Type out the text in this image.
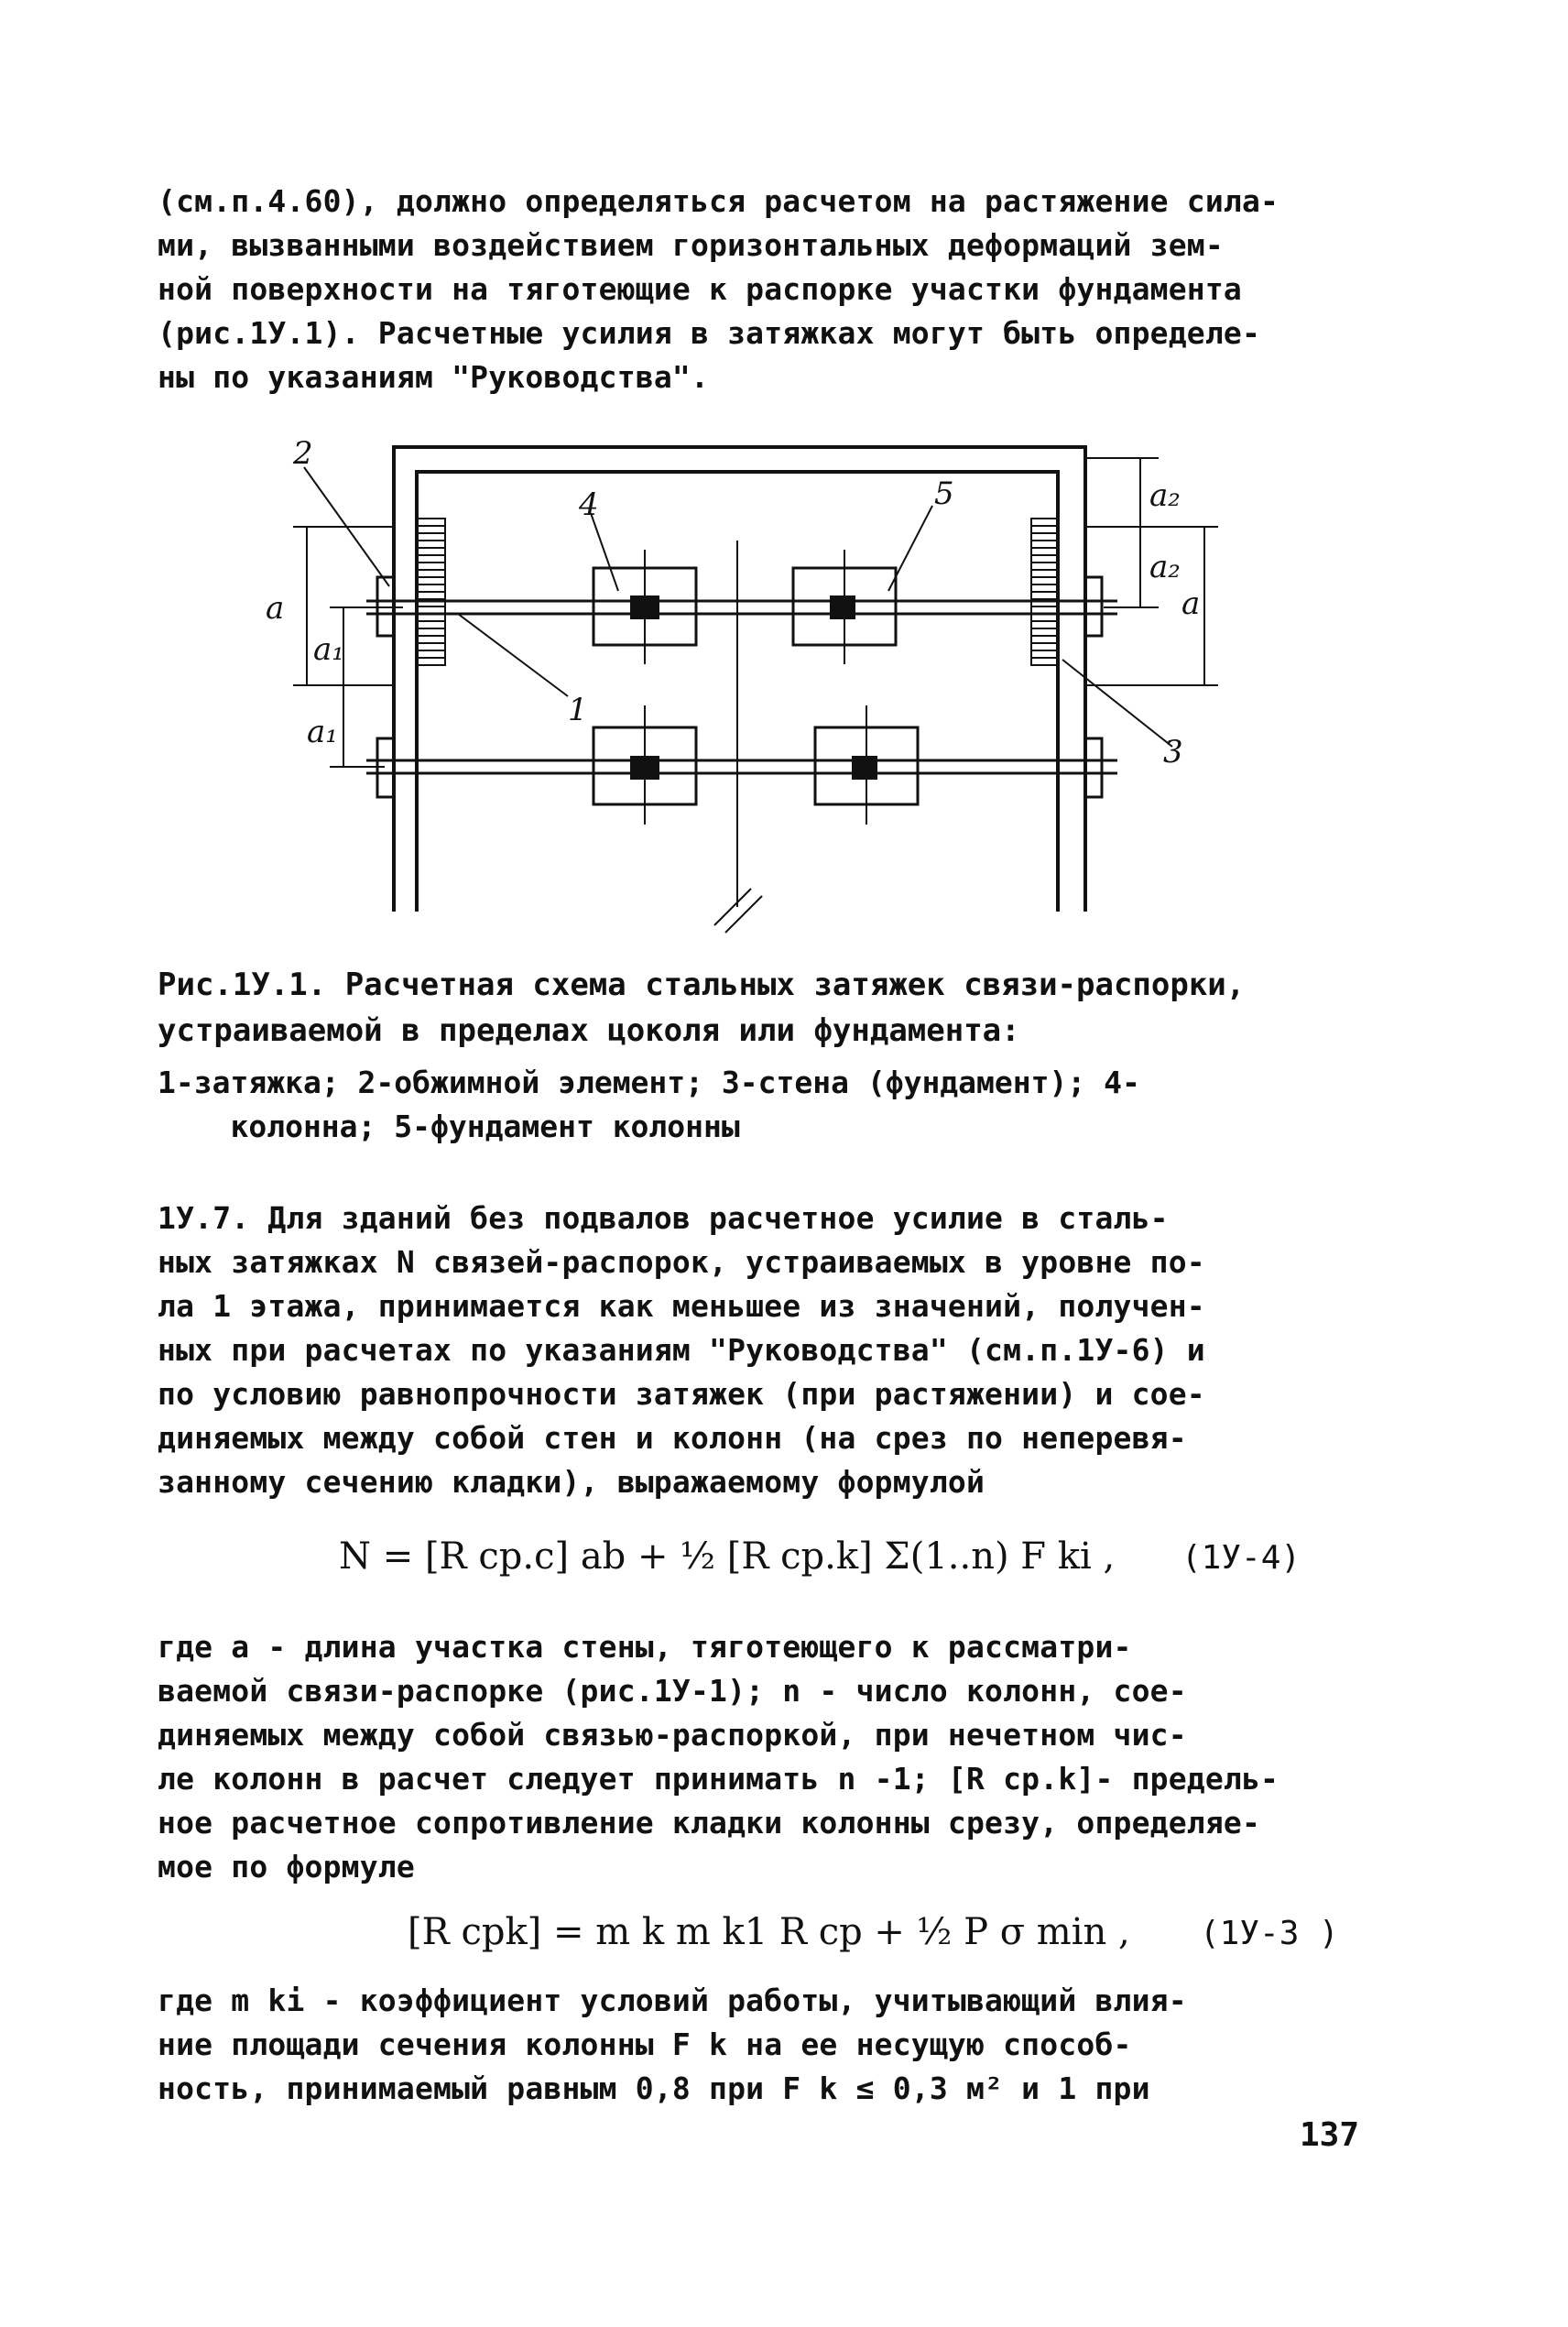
(см.п.4.60), должно определяться расчетом на растяжение сила-
ми, вызванными воздействием горизонтальных деформаций зем-
ной поверхности на тяготеющие к распорке участки фундамента
(рис.1У.1). Расчетные усилия в затяжках могут быть определе-
ны по указаниям "Руководства".
2
4	5
1
3
a
a₁
a₁
a₂
a₂
a
Рис.1У.1. Расчетная схема стальных затяжек связи-распорки,
устраиваемой в пределах цоколя или фундамента:
1-затяжка; 2-обжимной элемент; 3-стена (фундамент); 4-
колонна; 5-фундамент колонны
1У.7. Для зданий без подвалов расчетное усилие в сталь-
ных затяжках N связей-распорок, устраиваемых в уровне по-
ла 1 этажа, принимается как меньшее из значений, получен-
ных при расчетах по указаниям "Руководства" (см.п.1У-6) и
по условию равнопрочности затяжек (при растяжении) и сое-
диняемых между собой стен и колонн (на срез по неперевя-
занному сечению кладки), выражаемому формулой
N = [R cp.c] ab + ½ [R cp.k] Σ(1..n) F ki , (1У-4)
где a - длина участка стены, тяготеющего к рассматри-
ваемой связи-распорке (рис.1У-1); n - число колонн, сое-
диняемых между собой связью-распоркой, при нечетном чис-
ле колонн в расчет следует принимать n -1; [R cp.k]- предель-
ное расчетное сопротивление кладки колонны срезу, определяе-
мое по формуле
[R cpk] = m k m k1 R cp + ½ P σ min , (1У-3 )
где m ki - коэффициент условий работы, учитывающий влия-
ние площади сечения колонны F k на ее несущую способ-
ность, принимаемый равным 0,8 при F k ≤ 0,3 м² и 1 при
137
